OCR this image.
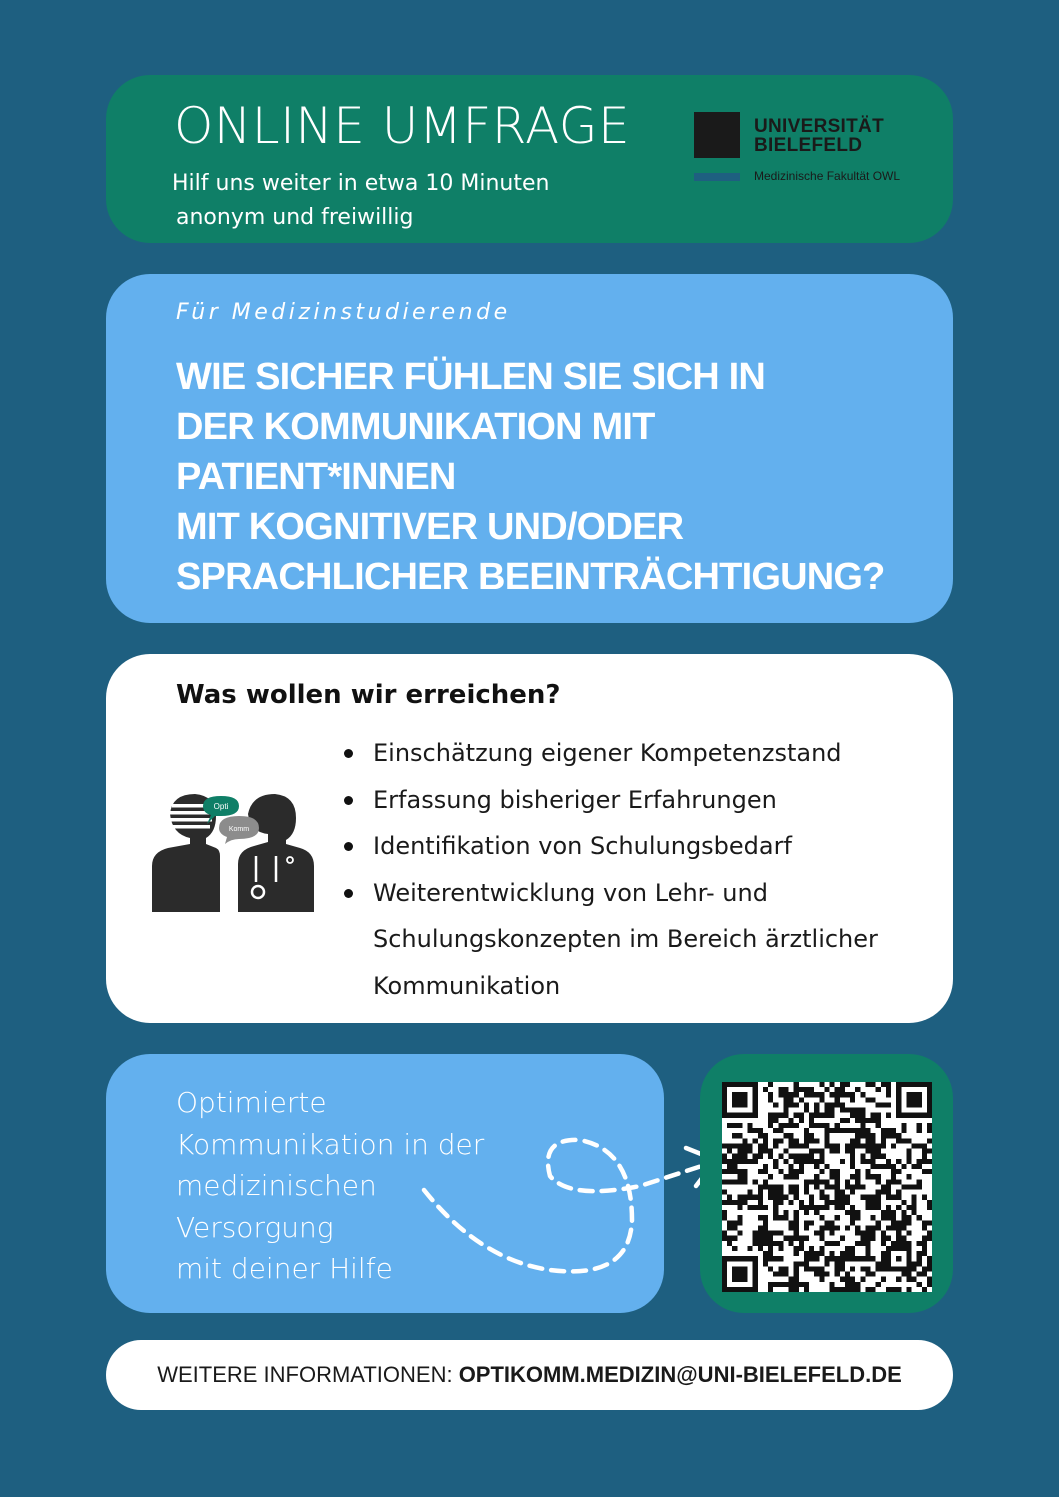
ONLINE UMFRAGE
Hilf uns weiter in etwa 10 Minuten
anonym und freiwillig
UNIVERSITÄT
BIELEFELD
Medizinische Fakultät OWL
Für Medizinstudierende
WIE SICHER FÜHLEN SIE SICH IN
DER KOMMUNIKATION MIT
PATIENT*INNEN
MIT KOGNITIVER UND/ODER
SPRACHLICHER BEEINTRÄCHTIGUNG?
Was wollen wir erreichen?
Opti
Komm
Einschätzung eigener Kompetenzstand
Erfassung bisheriger Erfahrungen
Identifikation von Schulungsbedarf
Weiterentwicklung von Lehr- und
Schulungskonzepten im Bereich ärztlicher
Kommunikation
Optimierte
Kommunikation in der
medizinischen
Versorgung
mit deiner Hilfe
WEITERE INFORMATIONEN: OPTIKOMM.MEDIZIN@UNI-BIELEFELD.DE
